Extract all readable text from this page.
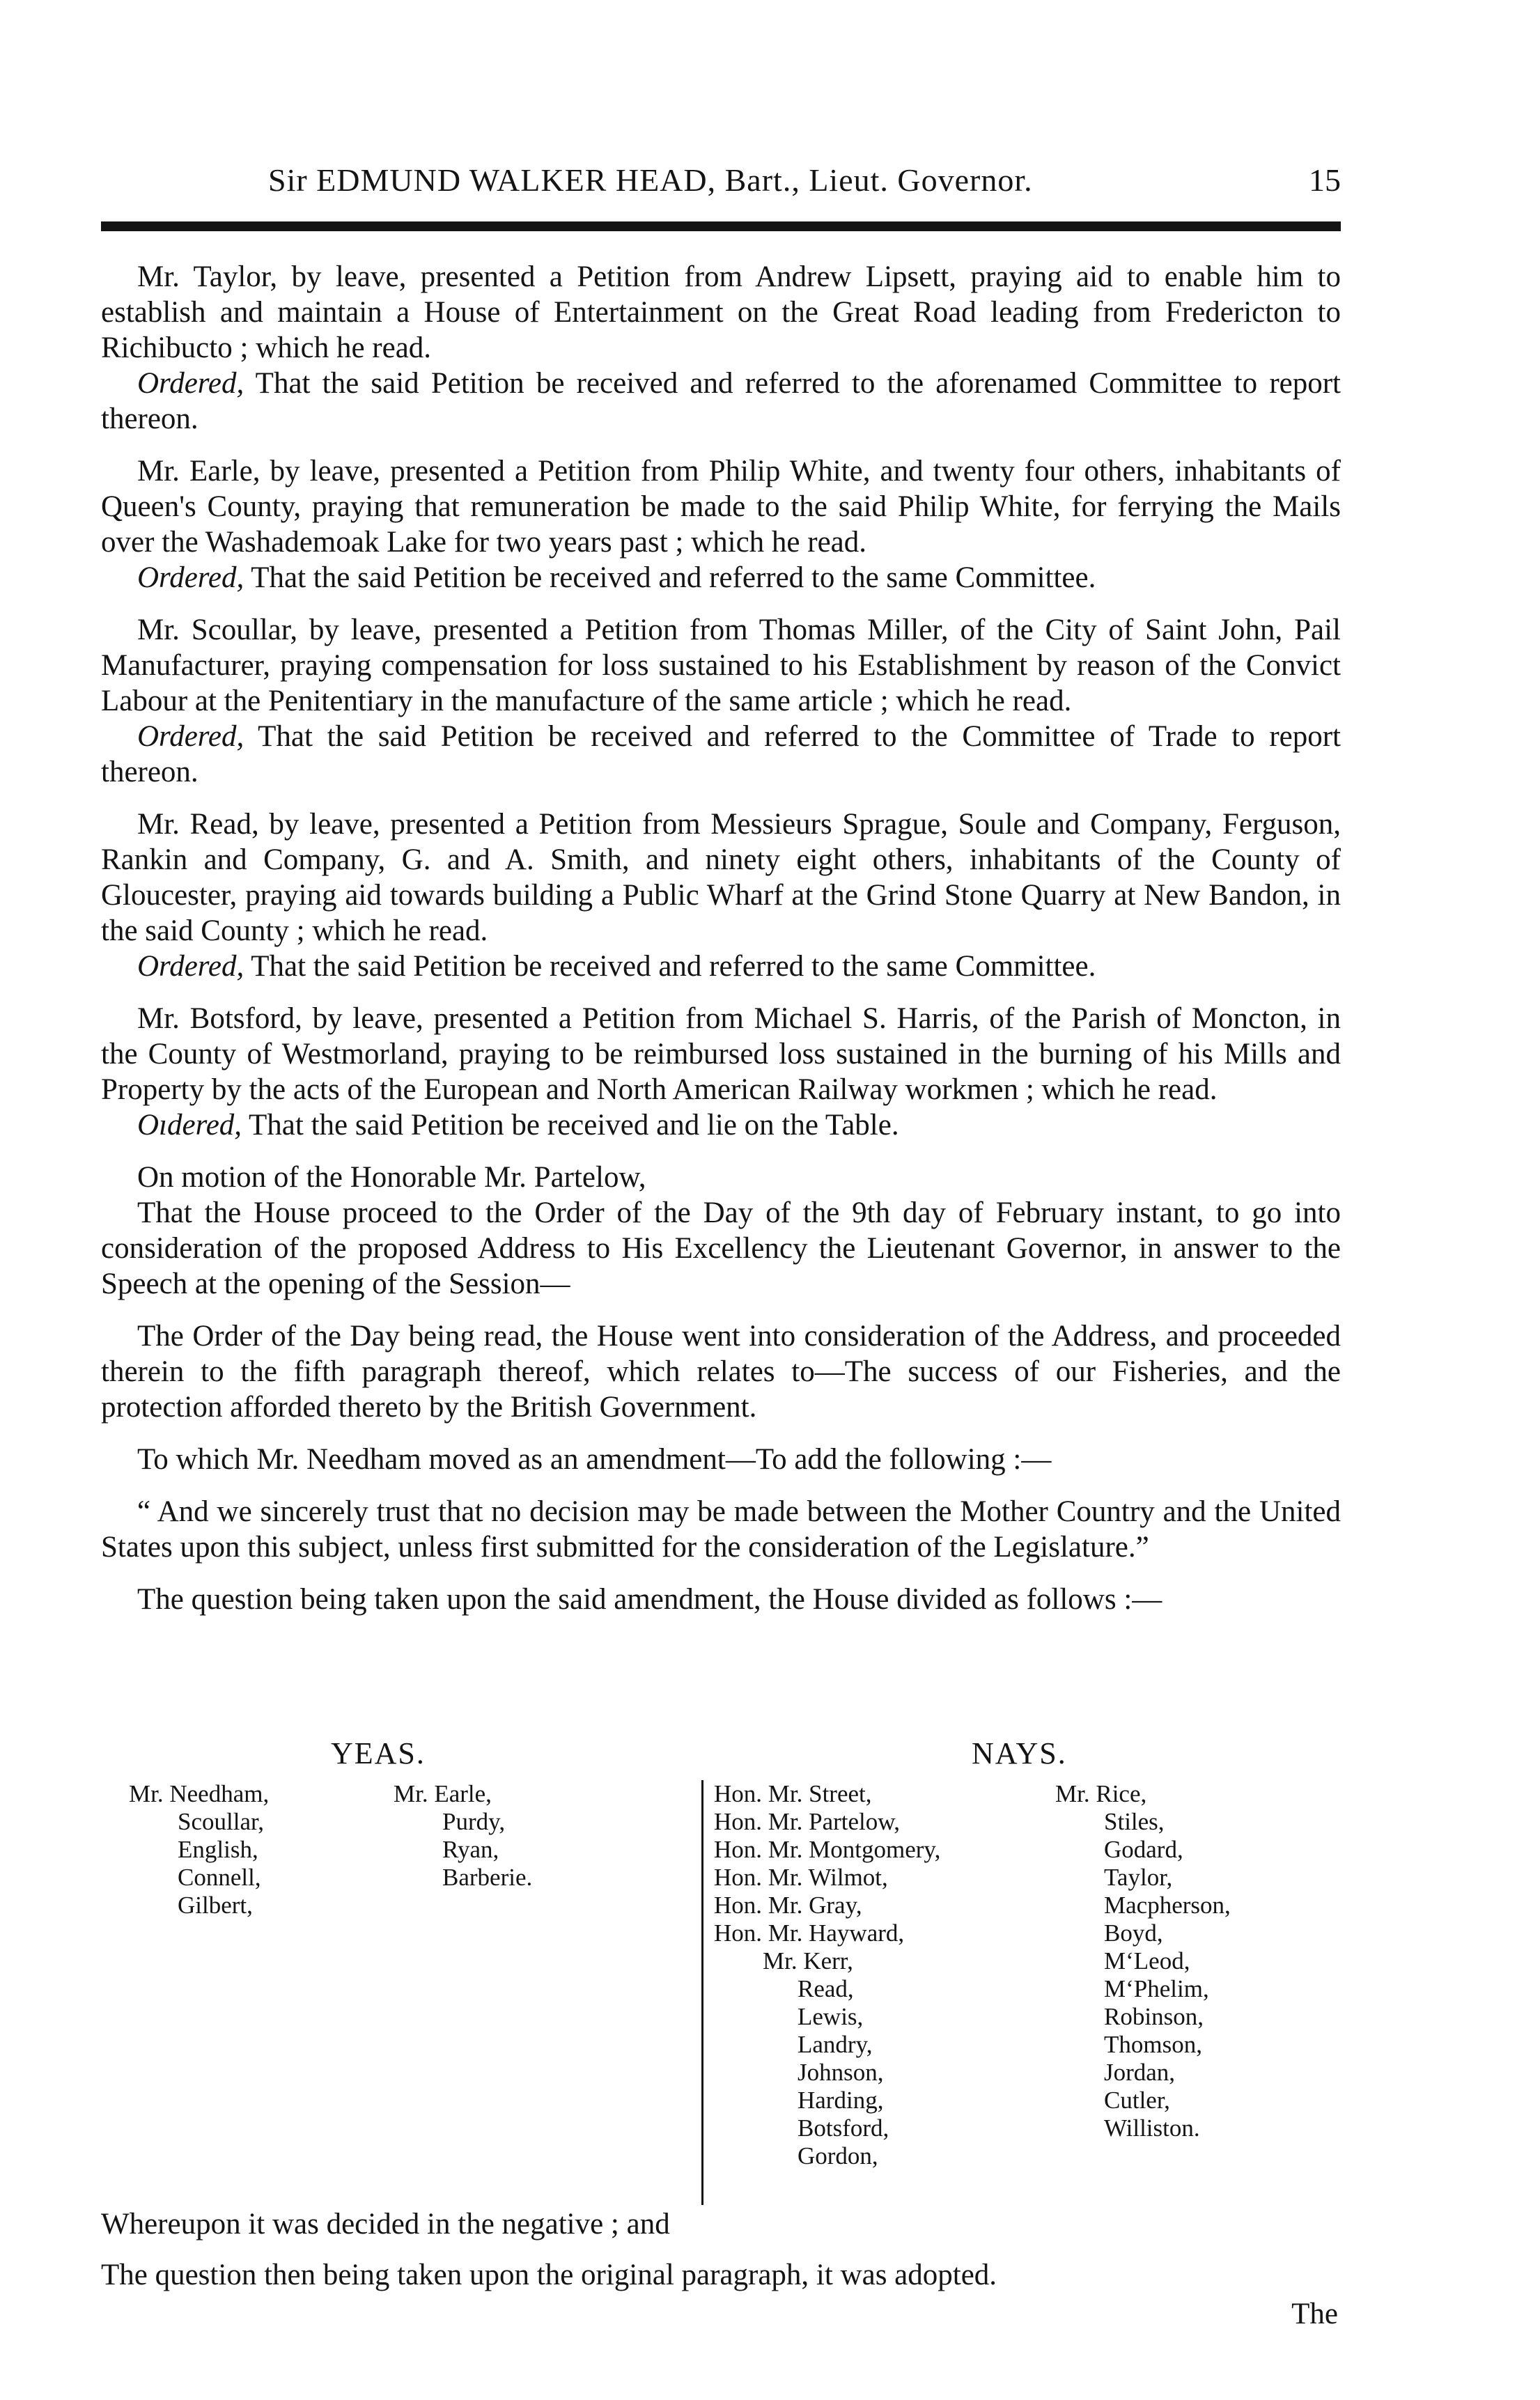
Sir EDMUND WALKER HEAD, Bart., Lieut. Governor.	15

Mr. Taylor, by leave, presented a Petition from Andrew Lipsett, praying aid to enable him to establish and maintain a House of Entertainment on the Great Road leading from Fredericton to Richibucto ; which he read.

Ordered, That the said Petition be received and referred to the aforenamed Committee to report thereon.

Mr. Earle, by leave, presented a Petition from Philip White, and twenty four others, inhabitants of Queen's County, praying that remuneration be made to the said Philip White, for ferrying the Mails over the Washademoak Lake for two years past ; which he read.

Ordered, That the said Petition be received and referred to the same Committee.

Mr. Scoullar, by leave, presented a Petition from Thomas Miller, of the City of Saint John, Pail Manufacturer, praying compensation for loss sustained to his Establishment by reason of the Convict Labour at the Penitentiary in the manufacture of the same article ; which he read.

Ordered, That the said Petition be received and referred to the Committee of Trade to report thereon.

Mr. Read, by leave, presented a Petition from Messieurs Sprague, Soule and Company, Ferguson, Rankin and Company, G. and A. Smith, and ninety eight others, inhabitants of the County of Gloucester, praying aid towards building a Public Wharf at the Grind Stone Quarry at New Bandon, in the said County ; which he read.

Ordered, That the said Petition be received and referred to the same Committee.

Mr. Botsford, by leave, presented a Petition from Michael S. Harris, of the Parish of Moncton, in the County of Westmorland, praying to be reimbursed loss sustained in the burning of his Mills and Property by the acts of the European and North American Railway workmen ; which he read.

Oıdered, That the said Petition be received and lie on the Table.

On motion of the Honorable Mr. Partelow,

That the House proceed to the Order of the Day of the 9th day of February instant, to go into consideration of the proposed Address to His Excellency the Lieutenant Governor, in answer to the Speech at the opening of the Session—

The Order of the Day being read, the House went into consideration of the Address, and proceeded therein to the fifth paragraph thereof, which relates to—The success of our Fisheries, and the protection afforded thereto by the British Government.

To which Mr. Needham moved as an amendment—To add the following :—

“ And we sincerely trust that no decision may be made between the Mother Country and the United States upon this subject, unless first submitted for the consideration of the Legislature.”

The question being taken upon the said amendment, the House divided as follows :—

YEAS.	NAYS.
Mr. Needham,
Scoullar,
English,
Connell,
Gilbert,
Mr. Earle,
Purdy,
Ryan,
Barberie.
Hon. Mr. Street,
Hon. Mr. Partelow,
Hon. Mr. Montgomery,
Hon. Mr. Wilmot,
Hon. Mr. Gray,
Hon. Mr. Hayward,
Mr. Kerr,
Read,
Lewis,
Landry,
Johnson,
Harding,
Botsford,
Gordon,
Mr. Rice,
Stiles,
Godard,
Taylor,
Macpherson,
Boyd,
M‘Leod,
M‘Phelim,
Robinson,
Thomson,
Jordan,
Cutler,
Williston.

Whereupon it was decided in the negative ; and

The question then being taken upon the original paragraph, it was adopted.

The
